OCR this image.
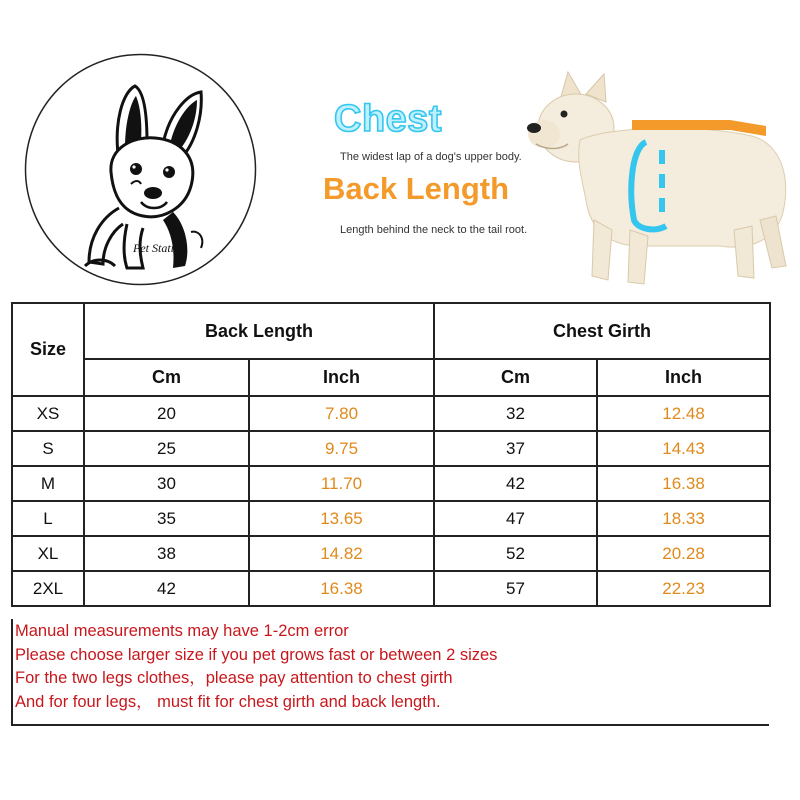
Pet Station
Chest
The widest lap of a dog's upper body.
Back Length
Length behind the neck to the tail root.
Size	Back Length		Chest Girth	
	Cm	Inch	Cm	Inch
XS	20	7.80	32	12.48
S	25	9.75	37	14.43
M	30	11.70	42	16.38
L	35	13.65	47	18.33
XL	38	14.82	52	20.28
2XL	42	16.38	57	22.23
Manual measurements may have 1-2cm error
Please choose larger size if you pet grows fast or between 2 sizes
For the two legs clothes，please pay attention to chest girth
And for four legs， must fit for chest girth and back length.
